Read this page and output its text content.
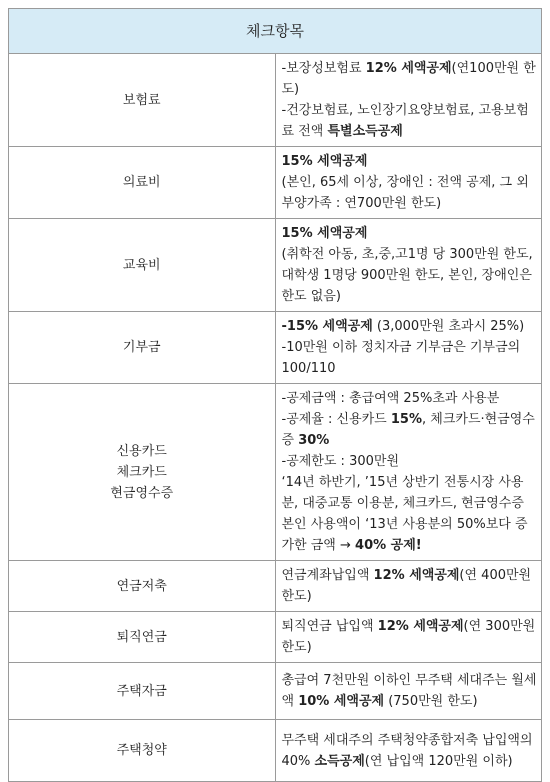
체크항목	

보험료	-보장성보험료 12% 세액공제(연100만원 한도)
-건강보험료, 노인장기요양보험료, 고용보험료 전액 특별소득공제

의료비	15% 세액공제
(본인, 65세 이상, 장애인 : 전액 공제, 그 외 부양가족 : 연700만원 한도)

교육비	15% 세액공제
(취학전 아동, 초,중,고1명 당 300만원 한도, 대학생 1명당 900만원 한도, 본인, 장애인은 한도 없음)

기부금	-15% 세액공제 (3,000만원 초과시 25%)
-10만원 이하 정치자금 기부금은 기부금의 100/110

신용카드
체크카드
현금영수증	-공제금액 : 총급여액 25%초과 사용분
-공제율 : 신용카드 15%, 체크카드·현금영수증 30%
-공제한도 : 300만원
‘14년 하반기, ’15년 상반기 전통시장 사용분, 대중교통 이용분, 체크카드, 현금영수증 본인 사용액이 ‘13년 사용분의 50%보다 증가한 금액 → 40% 공제!

연금저축	연금계좌납입액 12% 세액공제(연 400만원 한도)

퇴직연금	퇴직연금 납입액 12% 세액공제(연 300만원 한도)

주택자금	총급여 7천만원 이하인 무주택 세대주는 월세액 10% 세액공제 (750만원 한도)

주택청약	무주택 세대주의 주택청약종합저축 납입액의 40% 소득공제(연 납입액 120만원 이하)
